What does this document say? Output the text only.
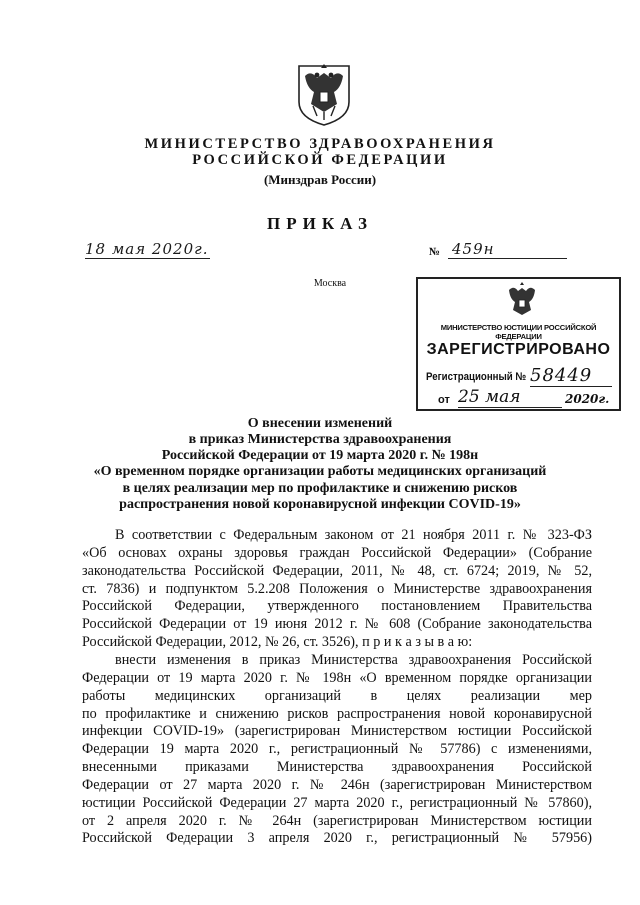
МИНИСТЕРСТВО ЗДРАВООХРАНЕНИЯ
РОССИЙСКОЙ ФЕДЕРАЦИИ
(Минздрав России)
ПРИКАЗ
18 мая 2020г.	№ 459н
Москва
МИНИСТЕРСТВО ЮСТИЦИИ РОССИЙСКОЙ ФЕДЕРАЦИИ
ЗАРЕГИСТРИРОВАНО
Регистрационный № 58449
от 25 мая	2020г.
О внесении изменений
в приказ Министерства здравоохранения
Российской Федерации от 19 марта 2020 г. № 198н
«О временном порядке организации работы медицинских организаций
в целях реализации мер по профилактике и снижению рисков
распространения новой коронавирусной инфекции COVID-19»
В соответствии с Федеральным законом от 21 ноября 2011 г. № 323-ФЗ
«Об основах охраны здоровья граждан Российской Федерации» (Собрание
законодательства Российской Федерации, 2011, № 48, ст. 6724; 2019, № 52,
ст. 7836) и подпунктом 5.2.208 Положения о Министерстве здравоохранения
Российской Федерации, утвержденного постановлением Правительства
Российской Федерации от 19 июня 2012 г. № 608 (Собрание законодательства
Российской Федерации, 2012, № 26, ст. 3526), п р и к а з ы в а ю:
внести изменения в приказ Министерства здравоохранения Российской
Федерации от 19 марта 2020 г. № 198н «О временном порядке организации
работы медицинских организаций в целях реализации мер
по профилактике и снижению рисков распространения новой коронавирусной
инфекции COVID-19» (зарегистрирован Министерством юстиции Российской
Федерации 19 марта 2020 г., регистрационный № 57786) с изменениями,
внесенными приказами Министерства здравоохранения Российской
Федерации от 27 марта 2020 г. № 246н (зарегистрирован Министерством
юстиции Российской Федерации 27 марта 2020 г., регистрационный № 57860),
от 2 апреля 2020 г. № 264н (зарегистрирован Министерством юстиции
Российской Федерации 3 апреля 2020 г., регистрационный № 57956)
